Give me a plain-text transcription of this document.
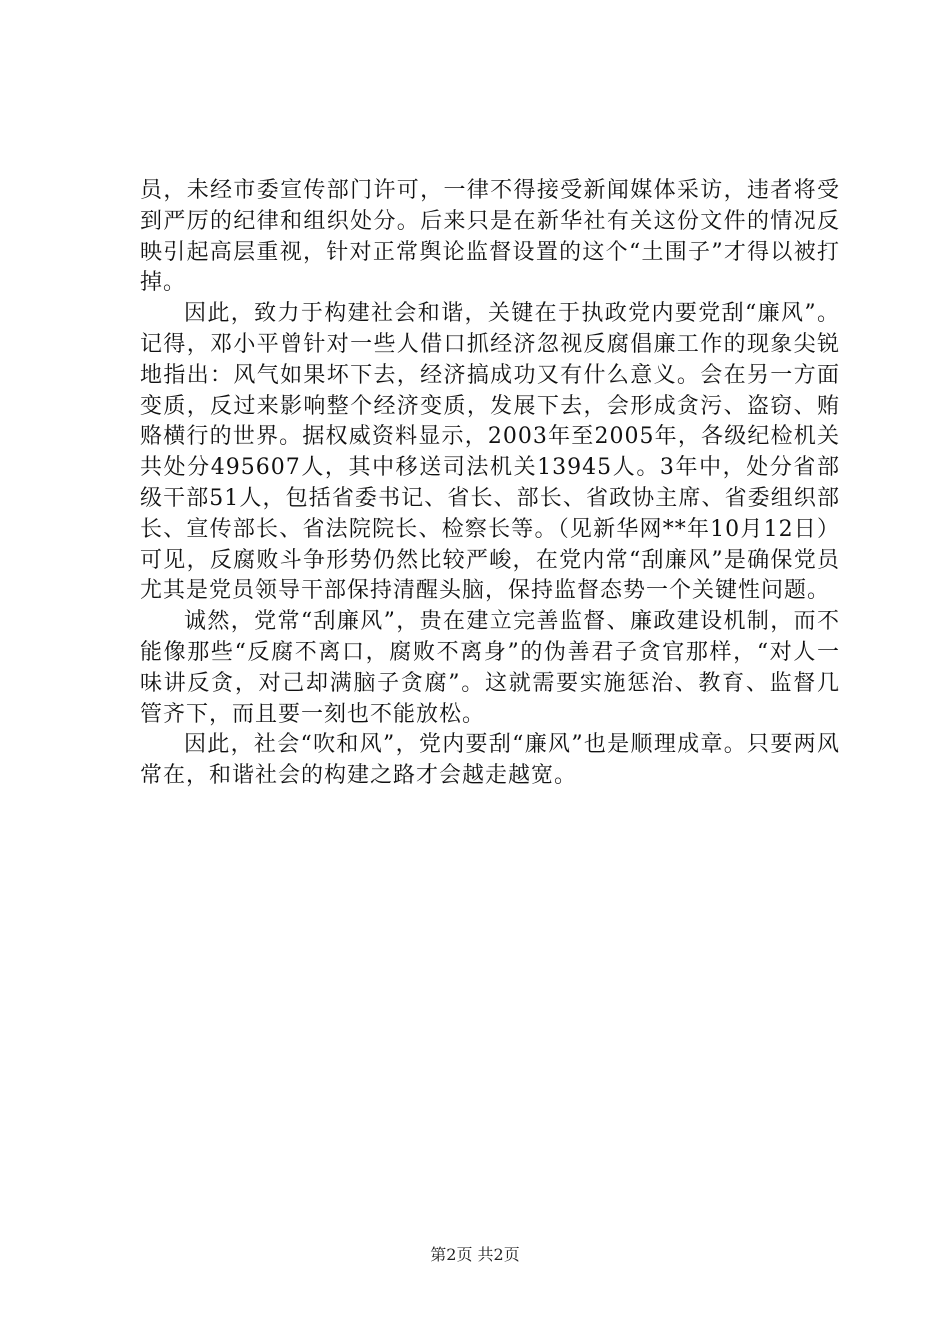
员，未经市委宣传部门许可，一律不得接受新闻媒体采访，违者将受到严厉的纪律和组织处分。后来只是在新华社有关这份文件的情况反映引起高层重视，针对正常舆论监督设置的这个“土围子”才得以被打掉。

因此，致力于构建社会和谐，关键在于执政党内要党刮“廉风”。记得，邓小平曾针对一些人借口抓经济忽视反腐倡廉工作的现象尖锐地指出：风气如果坏下去，经济搞成功又有什么意义。会在另一方面变质，反过来影响整个经济变质，发展下去，会形成贪污、盗窃、贿赂横行的世界。据权威资料显示，2003年至2005年，各级纪检机关共处分495607人，其中移送司法机关13945人。3年中，处分省部级干部51人，包括省委书记、省长、部长、省政协主席、省委组织部长、宣传部长、省法院院长、检察长等。（见新华网**年10月12日）可见，反腐败斗争形势仍然比较严峻，在党内常“刮廉风”是确保党员尤其是党员领导干部保持清醒头脑，保持监督态势一个关键性问题。

诚然，党常“刮廉风”，贵在建立完善监督、廉政建设机制，而不能像那些“反腐不离口，腐败不离身”的伪善君子贪官那样，“对人一味讲反贪，对己却满脑子贪腐”。这就需要实施惩治、教育、监督几管齐下，而且要一刻也不能放松。

因此，社会“吹和风”，党内要刮“廉风”也是顺理成章。只要两风常在，和谐社会的构建之路才会越走越宽。

第2页 共2页
